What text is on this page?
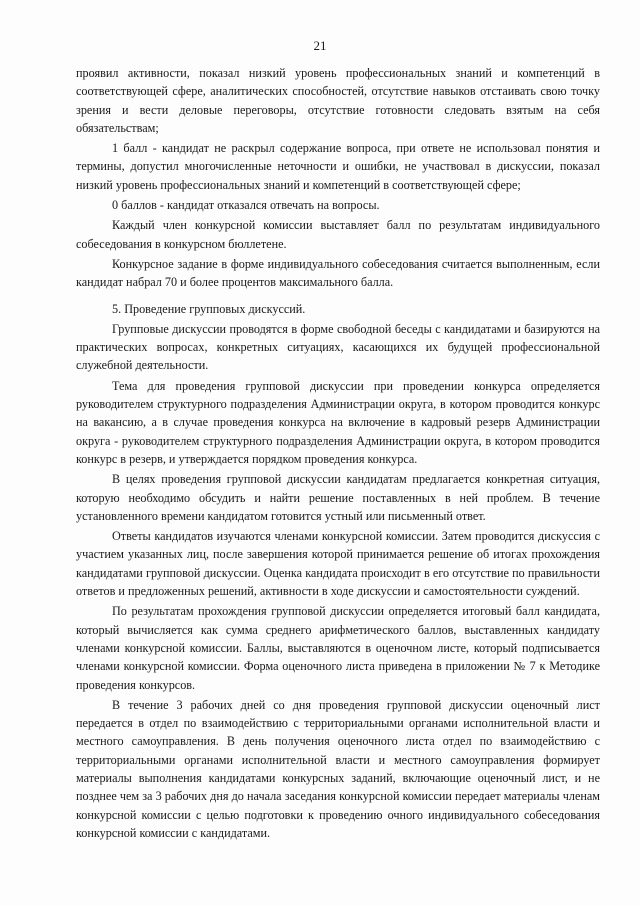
21

проявил активности, показал низкий уровень профессиональных знаний и компетенций в соответствующей сфере, аналитических способностей, отсутствие навыков отстаивать свою точку зрения и вести деловые переговоры, отсутствие готовности следовать взятым на себя обязательствам;

1 балл - кандидат не раскрыл содержание вопроса, при ответе не использовал понятия и термины, допустил многочисленные неточности и ошибки, не участвовал в дискуссии, показал низкий уровень профессиональных знаний и компетенций в соответствующей сфере;

0 баллов - кандидат отказался отвечать на вопросы.

Каждый член конкурсной комиссии выставляет балл по результатам индивидуального собеседования в конкурсном бюллетене.

Конкурсное задание в форме индивидуального собеседования считается выполненным, если кандидат набрал 70 и более процентов максимального балла.

5. Проведение групповых дискуссий.

Групповые дискуссии проводятся в форме свободной беседы с кандидатами и базируются на практических вопросах, конкретных ситуациях, касающихся их будущей профессиональной служебной деятельности.

Тема для проведения групповой дискуссии при проведении конкурса определяется руководителем структурного подразделения Администрации округа, в котором проводится конкурс на вакансию, а в случае проведения конкурса на включение в кадровый резерв Администрации округа - руководителем структурного подразделения Администрации округа, в котором проводится конкурс в резерв, и утверждается порядком проведения конкурса.

В целях проведения групповой дискуссии кандидатам предлагается конкретная ситуация, которую необходимо обсудить и найти решение поставленных в ней проблем. В течение установленного времени кандидатом готовится устный или письменный ответ.

Ответы кандидатов изучаются членами конкурсной комиссии. Затем проводится дискуссия с участием указанных лиц, после завершения которой принимается решение об итогах прохождения кандидатами групповой дискуссии. Оценка кандидата происходит в его отсутствие по правильности ответов и предложенных решений, активности в ходе дискуссии и самостоятельности суждений.

По результатам прохождения групповой дискуссии определяется итоговый балл кандидата, который вычисляется как сумма среднего арифметического баллов, выставленных кандидату членами конкурсной комиссии. Баллы, выставляются в оценочном листе, который подписывается членами конкурсной комиссии. Форма оценочного листа приведена в приложении № 7 к Методике проведения конкурсов.

В течение 3 рабочих дней со дня проведения групповой дискуссии оценочный лист передается в отдел по взаимодействию с территориальными органами исполнительной власти и местного самоуправления. В день получения оценочного листа отдел по взаимодействию с территориальными органами исполнительной власти и местного самоуправления формирует материалы выполнения кандидатами конкурсных заданий, включающие оценочный лист, и не позднее чем за 3 рабочих дня до начала заседания конкурсной комиссии передает материалы членам конкурсной комиссии с целью подготовки к проведению очного индивидуального собеседования конкурсной комиссии с кандидатами.
